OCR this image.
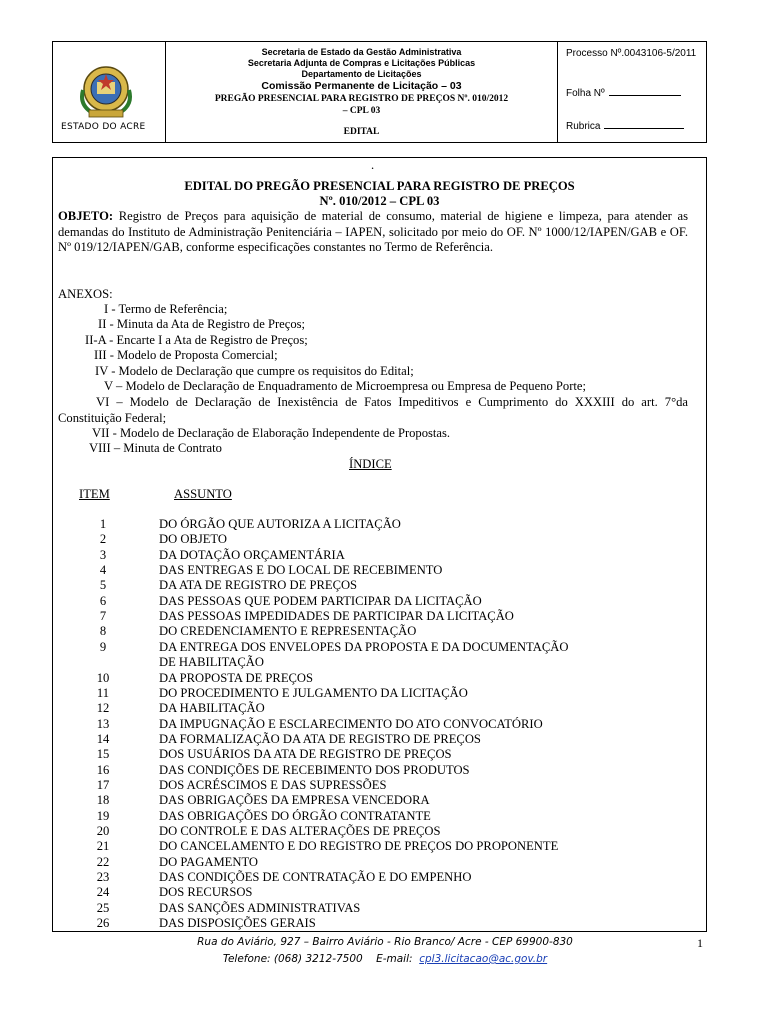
ESTADO DO ACRE
Secretaria de Estado da Gestão Administrativa
Secretaria Adjunta de Compras e Licitações Públicas
Departamento de Licitações
Comissão Permanente de Licitação – 03
PREGÃO PRESENCIAL PARA REGISTRO DE PREÇOS Nº. 010/2012
– CPL 03
EDITAL
Processo Nº.0043106-5/2011
Folha Nº
Rubrica
.
EDITAL DO PREGÃO PRESENCIAL PARA REGISTRO DE PREÇOS
Nº. 010/2012 – CPL 03
OBJETO: Registro de Preços para aquisição de material de consumo, material de higiene e limpeza, para atender as demandas do Instituto de Administração Penitenciária – IAPEN, solicitado por meio do OF. Nº 1000/12/IAPEN/GAB e OF. Nº 019/12/IAPEN/GAB, conforme especificações constantes no Termo de Referência.
ANEXOS:
I - Termo de Referência;
II - Minuta da Ata de Registro de Preços;
II-A - Encarte I a Ata de Registro de Preços;
III - Modelo de Proposta Comercial;
IV - Modelo de Declaração que cumpre os requisitos do Edital;
V – Modelo de Declaração de Enquadramento de Microempresa ou Empresa de Pequeno Porte;
VI – Modelo de Declaração de Inexistência de Fatos Impeditivos e Cumprimento do XXXIII do art. 7°da Constituição Federal;
VII - Modelo de Declaração de Elaboração Independente de Propostas.
VIII – Minuta de Contrato
ÍNDICE
ITEM	ASSUNTO
1	DO ÓRGÃO QUE AUTORIZA A LICITAÇÃO
2	DO OBJETO
3	DA DOTAÇÃO ORÇAMENTÁRIA
4	DAS ENTREGAS E DO LOCAL DE RECEBIMENTO
5	DA ATA DE REGISTRO DE PREÇOS
6	DAS PESSOAS QUE PODEM PARTICIPAR DA LICITAÇÃO
7	DAS PESSOAS IMPEDIDADES DE PARTICIPAR DA LICITAÇÃO
8	DO CREDENCIAMENTO E REPRESENTAÇÃO
9	DA ENTREGA DOS ENVELOPES DA PROPOSTA E DA DOCUMENTAÇÃO
DE HABILITAÇÃO
10	DA PROPOSTA DE PREÇOS
11	DO PROCEDIMENTO E JULGAMENTO DA LICITAÇÃO
12	DA HABILITAÇÃO
13	DA IMPUGNAÇÃO E ESCLARECIMENTO DO ATO CONVOCATÓRIO
14	DA FORMALIZAÇÃO DA ATA DE REGISTRO DE PREÇOS
15	DOS USUÁRIOS DA ATA DE REGISTRO DE PREÇOS
16	DAS CONDIÇÕES DE RECEBIMENTO DOS PRODUTOS
17	DOS ACRÉSCIMOS E DAS SUPRESSÕES
18	DAS OBRIGAÇÕES DA EMPRESA VENCEDORA
19	DAS OBRIGAÇÕES DO ÓRGÃO CONTRATANTE
20	DO CONTROLE E DAS ALTERAÇÕES DE PREÇOS
21	DO CANCELAMENTO E DO REGISTRO DE PREÇOS DO PROPONENTE
22	DO PAGAMENTO
23	DAS CONDIÇÕES DE CONTRATAÇÃO E DO EMPENHO
24	DOS RECURSOS
25	DAS SANÇÕES ADMINISTRATIVAS
26	DAS DISPOSIÇÕES GERAIS
Rua do Aviário, 927 – Bairro Aviário - Rio Branco/ Acre - CEP 69900-830
Telefone: (068) 3212-7500 E-mail: cpl3.licitacao@ac.gov.br
1
